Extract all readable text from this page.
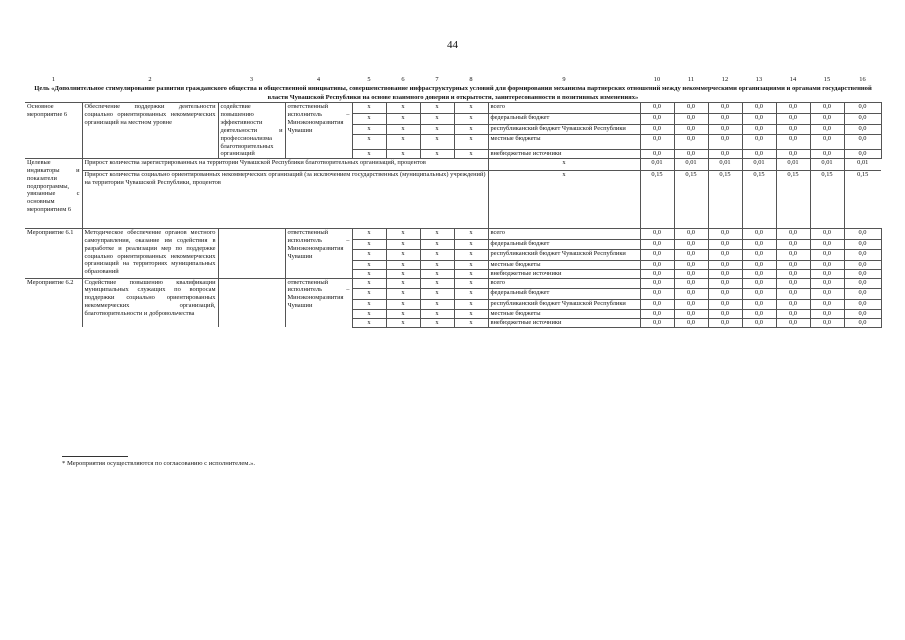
44
1	2	3	4	5	6	7	8	9	10	11	12	13	14	15	16
Цель «Дополнительное стимулирование развития гражданского общества и общественной инициативы, совершенствование инфраструктурных условий для формирования механизма партнерских отношений между некоммерческими организациями и органами государственной власти Чувашской Республики на основе взаимного доверия и открытости, заинтересованности в позитивных изменениях»															
Основное мероприятие 6	Обеспечение поддержки деятельности социально ориентированных некоммерческих организаций на местном уровне	содействие повышению эффективности деятельности и профессионализма благотворительных организаций	ответственный исполнитель – Минэкономразвития Чувашии	x	x	x	x	всего	0,0	0,0	0,0	0,0	0,0	0,0	0,0
				x	x	x	x	федеральный бюджет	0,0	0,0	0,0	0,0	0,0	0,0	0,0
				x	x	x	x	республиканский бюджет Чувашской Республики	0,0	0,0	0,0	0,0	0,0	0,0	0,0
				x	x	x	x	местные бюджеты	0,0	0,0	0,0	0,0	0,0	0,0	0,0
				x	x	x	x	внебюджетные источники	0,0	0,0	0,0	0,0	0,0	0,0	0,0
Целевые индикаторы и показатели подпрограммы, увязанные с основным мероприятием 6	Прирост количества зарегистрированных на территории Чувашской Республики благотворительных организаций, процентов							x	0,01	0,01	0,01	0,01	0,01	0,01	0,01
	Прирост количества социально ориентированных некоммерческих организаций (за исключением государственных (муниципальных) учреждений) на территории Чувашской Республики, процентов							x	0,15	0,15	0,15	0,15	0,15	0,15	0,15
Мероприятие 6.1	Методическое обеспечение органов местного самоуправления, оказание им содействия в разработке и реализации мер по поддержке социально ориентированных некоммерческих организаций на территориях муниципальных образований		ответственный исполнитель – Минэкономразвития Чувашии	x	x	x	x	всего	0,0	0,0	0,0	0,0	0,0	0,0	0,0
				x	x	x	x	федеральный бюджет	0,0	0,0	0,0	0,0	0,0	0,0	0,0
				x	x	x	x	республиканский бюджет Чувашской Республики	0,0	0,0	0,0	0,0	0,0	0,0	0,0
				x	x	x	x	местные бюджеты	0,0	0,0	0,0	0,0	0,0	0,0	0,0
				x	x	x	x	внебюджетные источники	0,0	0,0	0,0	0,0	0,0	0,0	0,0
Мероприятие 6.2	Содействие повышению квалификации муниципальных служащих по вопросам поддержки социально ориентированных некоммерческих организаций, благотворительности и добровольчества		ответственный исполнитель – Минэкономразвития Чувашии	x	x	x	x	всего	0,0	0,0	0,0	0,0	0,0	0,0	0,0
				x	x	x	x	федеральный бюджет	0,0	0,0	0,0	0,0	0,0	0,0	0,0
				x	x	x	x	республиканский бюджет Чувашской Республики	0,0	0,0	0,0	0,0	0,0	0,0	0,0
				x	x	x	x	местные бюджеты	0,0	0,0	0,0	0,0	0,0	0,0	0,0
				x	x	x	x	внебюджетные источники	0,0	0,0	0,0	0,0	0,0	0,0	0,0
* Мероприятия осуществляются по согласованию с исполнителем.».
